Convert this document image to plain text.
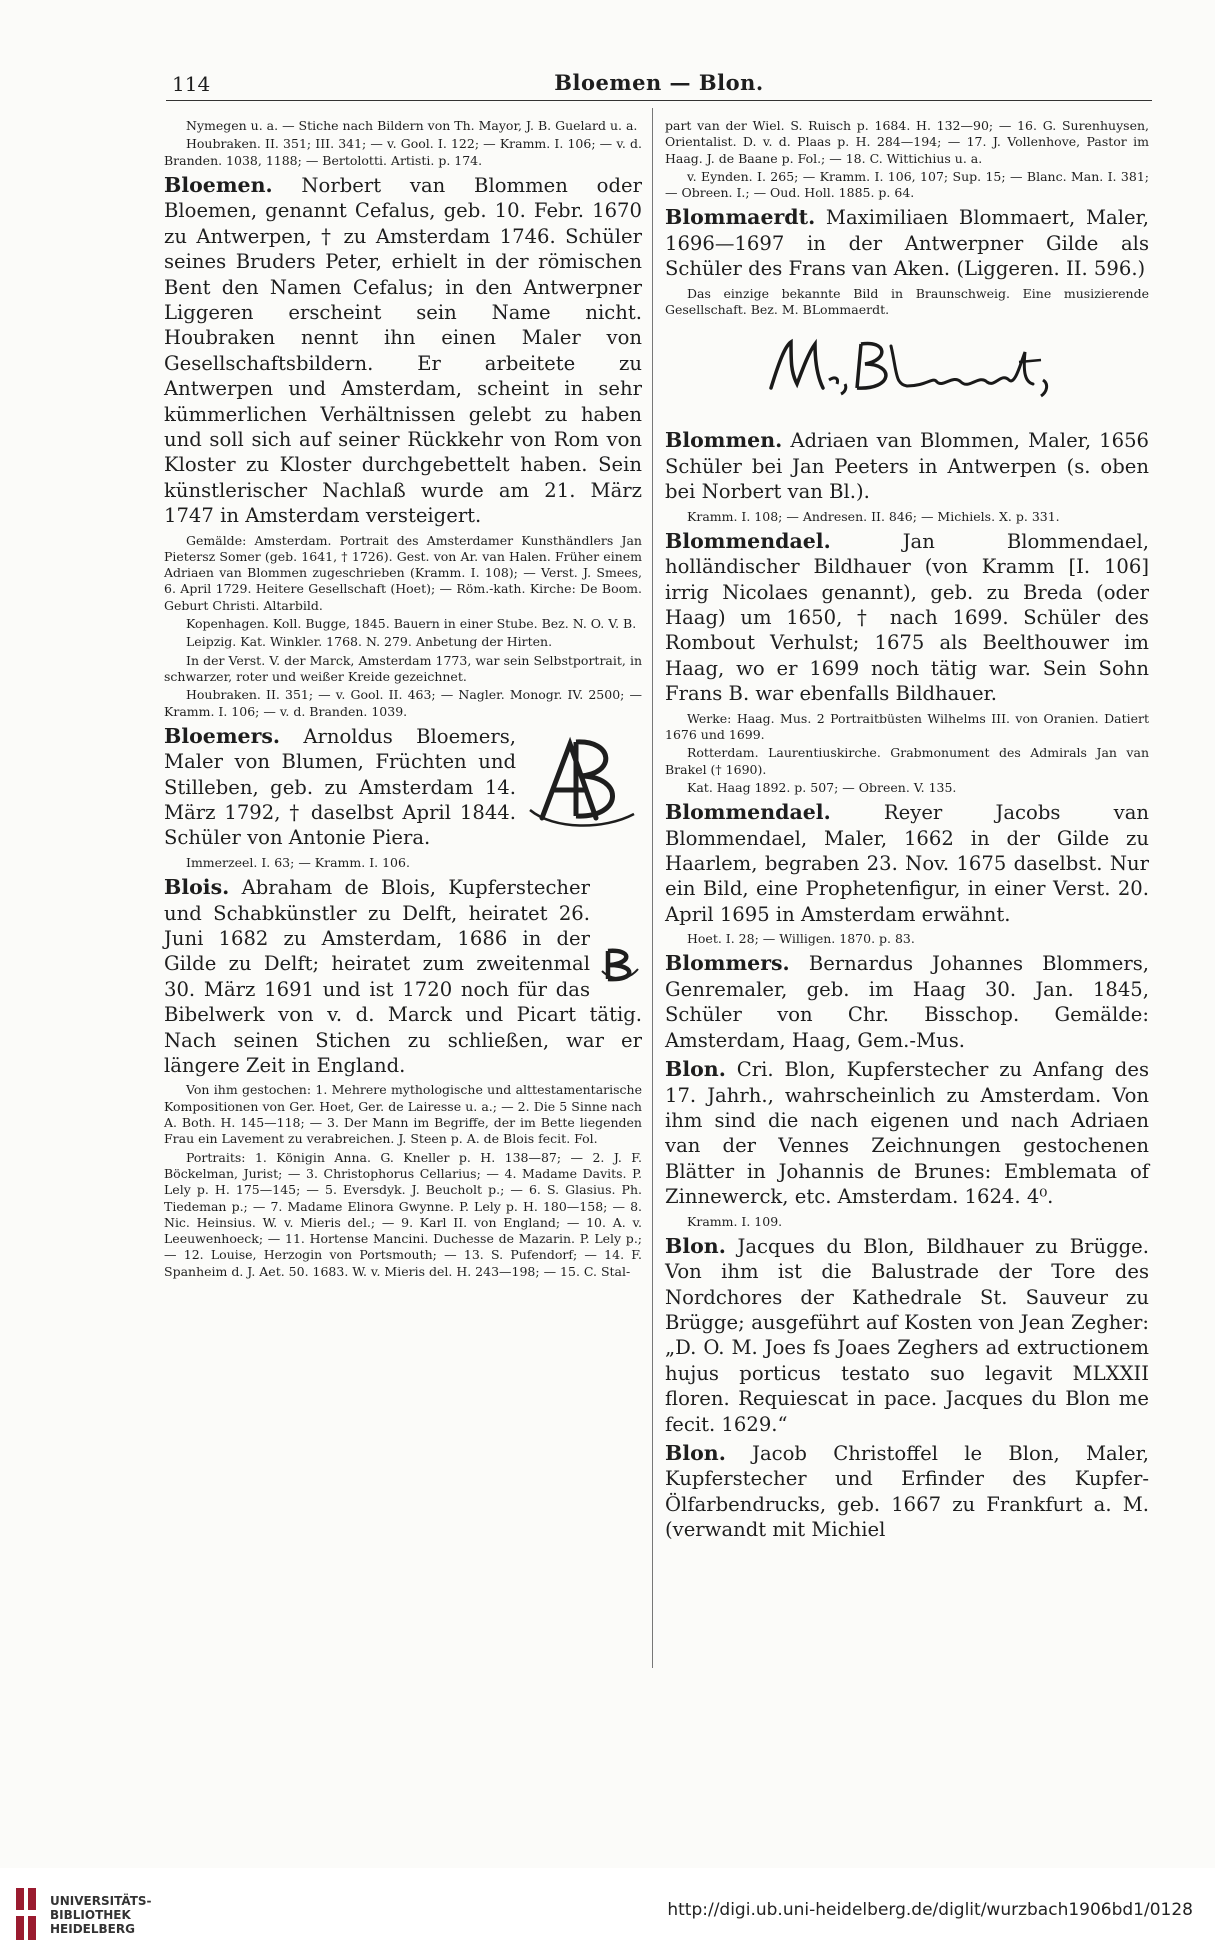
114	Bloemen — Blon.

Nymegen u. a. — Stiche nach Bildern von Th. Mayor, J. B. Guelard u. a.

Houbraken. II. 351; III. 341; — v. Gool. I. 122; — Kramm. I. 106; — v. d. Branden. 1038, 1188; — Bertolotti. Artisti. p. 174.

Bloemen. Norbert van Blommen oder Bloemen, genannt Cefalus, geb. 10. Febr. 1670 zu Antwerpen, † zu Amsterdam 1746. Schüler seines Bruders Peter, erhielt in der römischen Bent den Namen Cefalus; in den Antwerpner Liggeren erscheint sein Name nicht. Houbraken nennt ihn einen Maler von Gesellschaftsbildern. Er arbeitete zu Antwerpen und Amsterdam, scheint in sehr kümmerlichen Verhältnissen gelebt zu haben und soll sich auf seiner Rückkehr von Rom von Kloster zu Kloster durchgebettelt haben. Sein künstlerischer Nachlaß wurde am 21. März 1747 in Amsterdam versteigert.

Gemälde: Amsterdam. Portrait des Amsterdamer Kunsthändlers Jan Pietersz Somer (geb. 1641, † 1726). Gest. von Ar. van Halen. Früher einem Adriaen van Blommen zugeschrieben (Kramm. I. 108); — Verst. J. Smees, 6. April 1729. Heitere Gesellschaft (Hoet); — Röm.-kath. Kirche: De Boom. Geburt Christi. Altarbild.

Kopenhagen. Koll. Bugge, 1845. Bauern in einer Stube. Bez. N. O. V. B.

Leipzig. Kat. Winkler. 1768. N. 279. Anbetung der Hirten.

In der Verst. V. der Marck, Amsterdam 1773, war sein Selbstportrait, in schwarzer, roter und weißer Kreide gezeichnet.

Houbraken. II. 351; — v. Gool. II. 463; — Nagler. Monogr. IV. 2500; — Kramm. I. 106; — v. d. Branden. 1039.

Bloemers. Arnoldus Bloemers, Maler von Blumen, Früchten und Stilleben, geb. zu Amsterdam 14. März 1792, † daselbst April 1844. Schüler von Antonie Piera.

Immerzeel. I. 63; — Kramm. I. 106.

Blois. Abraham de Blois, Kupferstecher und Schabkünstler zu Delft, heiratet 26. Juni 1682 zu Amsterdam, 1686 in der Gilde zu Delft; heiratet zum zweitenmal 30. März 1691 und ist 1720 noch für das Bibelwerk von v. d. Marck und Picart tätig. Nach seinen Stichen zu schließen, war er längere Zeit in England.

Von ihm gestochen: 1. Mehrere mythologische und alttestamentarische Kompositionen von Ger. Hoet, Ger. de Lairesse u. a.; — 2. Die 5 Sinne nach A. Both. H. 145—118; — 3. Der Mann im Begriffe, der im Bette liegenden Frau ein Lavement zu verabreichen. J. Steen p. A. de Blois fecit. Fol.

Portraits: 1. Königin Anna. G. Kneller p. H. 138—87; — 2. J. F. Böckelman, Jurist; — 3. Christophorus Cellarius; — 4. Madame Davits. P. Lely p. H. 175—145; — 5. Eversdyk. J. Beucholt p.; — 6. S. Glasius. Ph. Tiedeman p.; — 7. Madame Elinora Gwynne. P. Lely p. H. 180—158; — 8. Nic. Heinsius. W. v. Mieris del.; — 9. Karl II. von England; — 10. A. v. Leeuwenhoeck; — 11. Hortense Mancini. Duchesse de Mazarin. P. Lely p.; — 12. Louise, Herzogin von Portsmouth; — 13. S. Pufendorf; — 14. F. Spanheim d. J. Aet. 50. 1683. W. v. Mieris del. H. 243—198; — 15. C. Stal-

part van der Wiel. S. Ruisch p. 1684. H. 132—90; — 16. G. Surenhuysen, Orientalist. D. v. d. Plaas p. H. 284—194; — 17. J. Vollenhove, Pastor im Haag. J. de Baane p. Fol.; — 18. C. Wittichius u. a.

v. Eynden. I. 265; — Kramm. I. 106, 107; Sup. 15; — Blanc. Man. I. 381; — Obreen. I.; — Oud. Holl. 1885. p. 64.

Blommaerdt. Maximiliaen Blommaert, Maler, 1696—1697 in der Antwerpner Gilde als Schüler des Frans van Aken. (Liggeren. II. 596.)

Das einzige bekannte Bild in Braunschweig. Eine musizierende Gesellschaft. Bez. M. BLommaerdt.

Blommen. Adriaen van Blommen, Maler, 1656 Schüler bei Jan Peeters in Antwerpen (s. oben bei Norbert van Bl.).

Kramm. I. 108; — Andresen. II. 846; — Michiels. X. p. 331.

Blommendael.	Jan Blommendael, holländischer Bildhauer (von Kramm [I. 106] irrig Nicolaes genannt), geb. zu Breda (oder Haag) um 1650, † nach 1699. Schüler des Rombout Verhulst; 1675 als Beelthouwer im Haag, wo er 1699 noch tätig war. Sein Sohn Frans B. war ebenfalls Bildhauer.

Werke: Haag. Mus. 2 Portraitbüsten Wilhelms III. von Oranien. Datiert 1676 und 1699.

Rotterdam. Laurentiuskirche. Grabmonument des Admirals Jan van Brakel († 1690).

Kat. Haag 1892. p. 507; — Obreen. V. 135.

Blommendael.	Reyer Jacobs van Blommendael, Maler, 1662 in der Gilde zu Haarlem, begraben 23. Nov. 1675 daselbst. Nur ein Bild, eine Prophetenfigur, in einer Verst. 20. April 1695 in Amsterdam erwähnt.

Hoet. I. 28; — Willigen. 1870. p. 83.

Blommers. Bernardus Johannes Blommers, Genremaler, geb. im Haag 30. Jan. 1845, Schüler von Chr. Bisschop. Gemälde: Amsterdam, Haag, Gem.-Mus.

Blon. Cri. Blon, Kupferstecher zu Anfang des 17. Jahrh., wahrscheinlich zu Amsterdam. Von ihm sind die nach eigenen und nach Adriaen van der Vennes Zeichnungen gestochenen Blätter in Johannis de Brunes: Emblemata of Zinnewerck, etc. Amsterdam. 1624. 4⁰.

Kramm. I. 109.

Blon. Jacques du Blon, Bildhauer zu Brügge. Von ihm ist die Balustrade der Tore des Nordchores der Kathedrale St. Sauveur zu Brügge; ausgeführt auf Kosten von Jean Zegher: „D. O. M. Joes fs Joaes Zeghers ad extructionem hujus porticus testato suo legavit MLXXII floren. Requiescat in pace. Jacques du Blon me fecit. 1629.“

Blon. Jacob Christoffel le Blon, Maler, Kupferstecher und Erfinder des Kupfer-Ölfarbendrucks, geb. 1667 zu Frankfurt a. M. (verwandt mit Michiel

UNIVERSITÄTS-
BIBLIOTHEK
HEIDELBERG
http://digi.ub.uni-heidelberg.de/diglit/wurzbach1906bd1/0128
